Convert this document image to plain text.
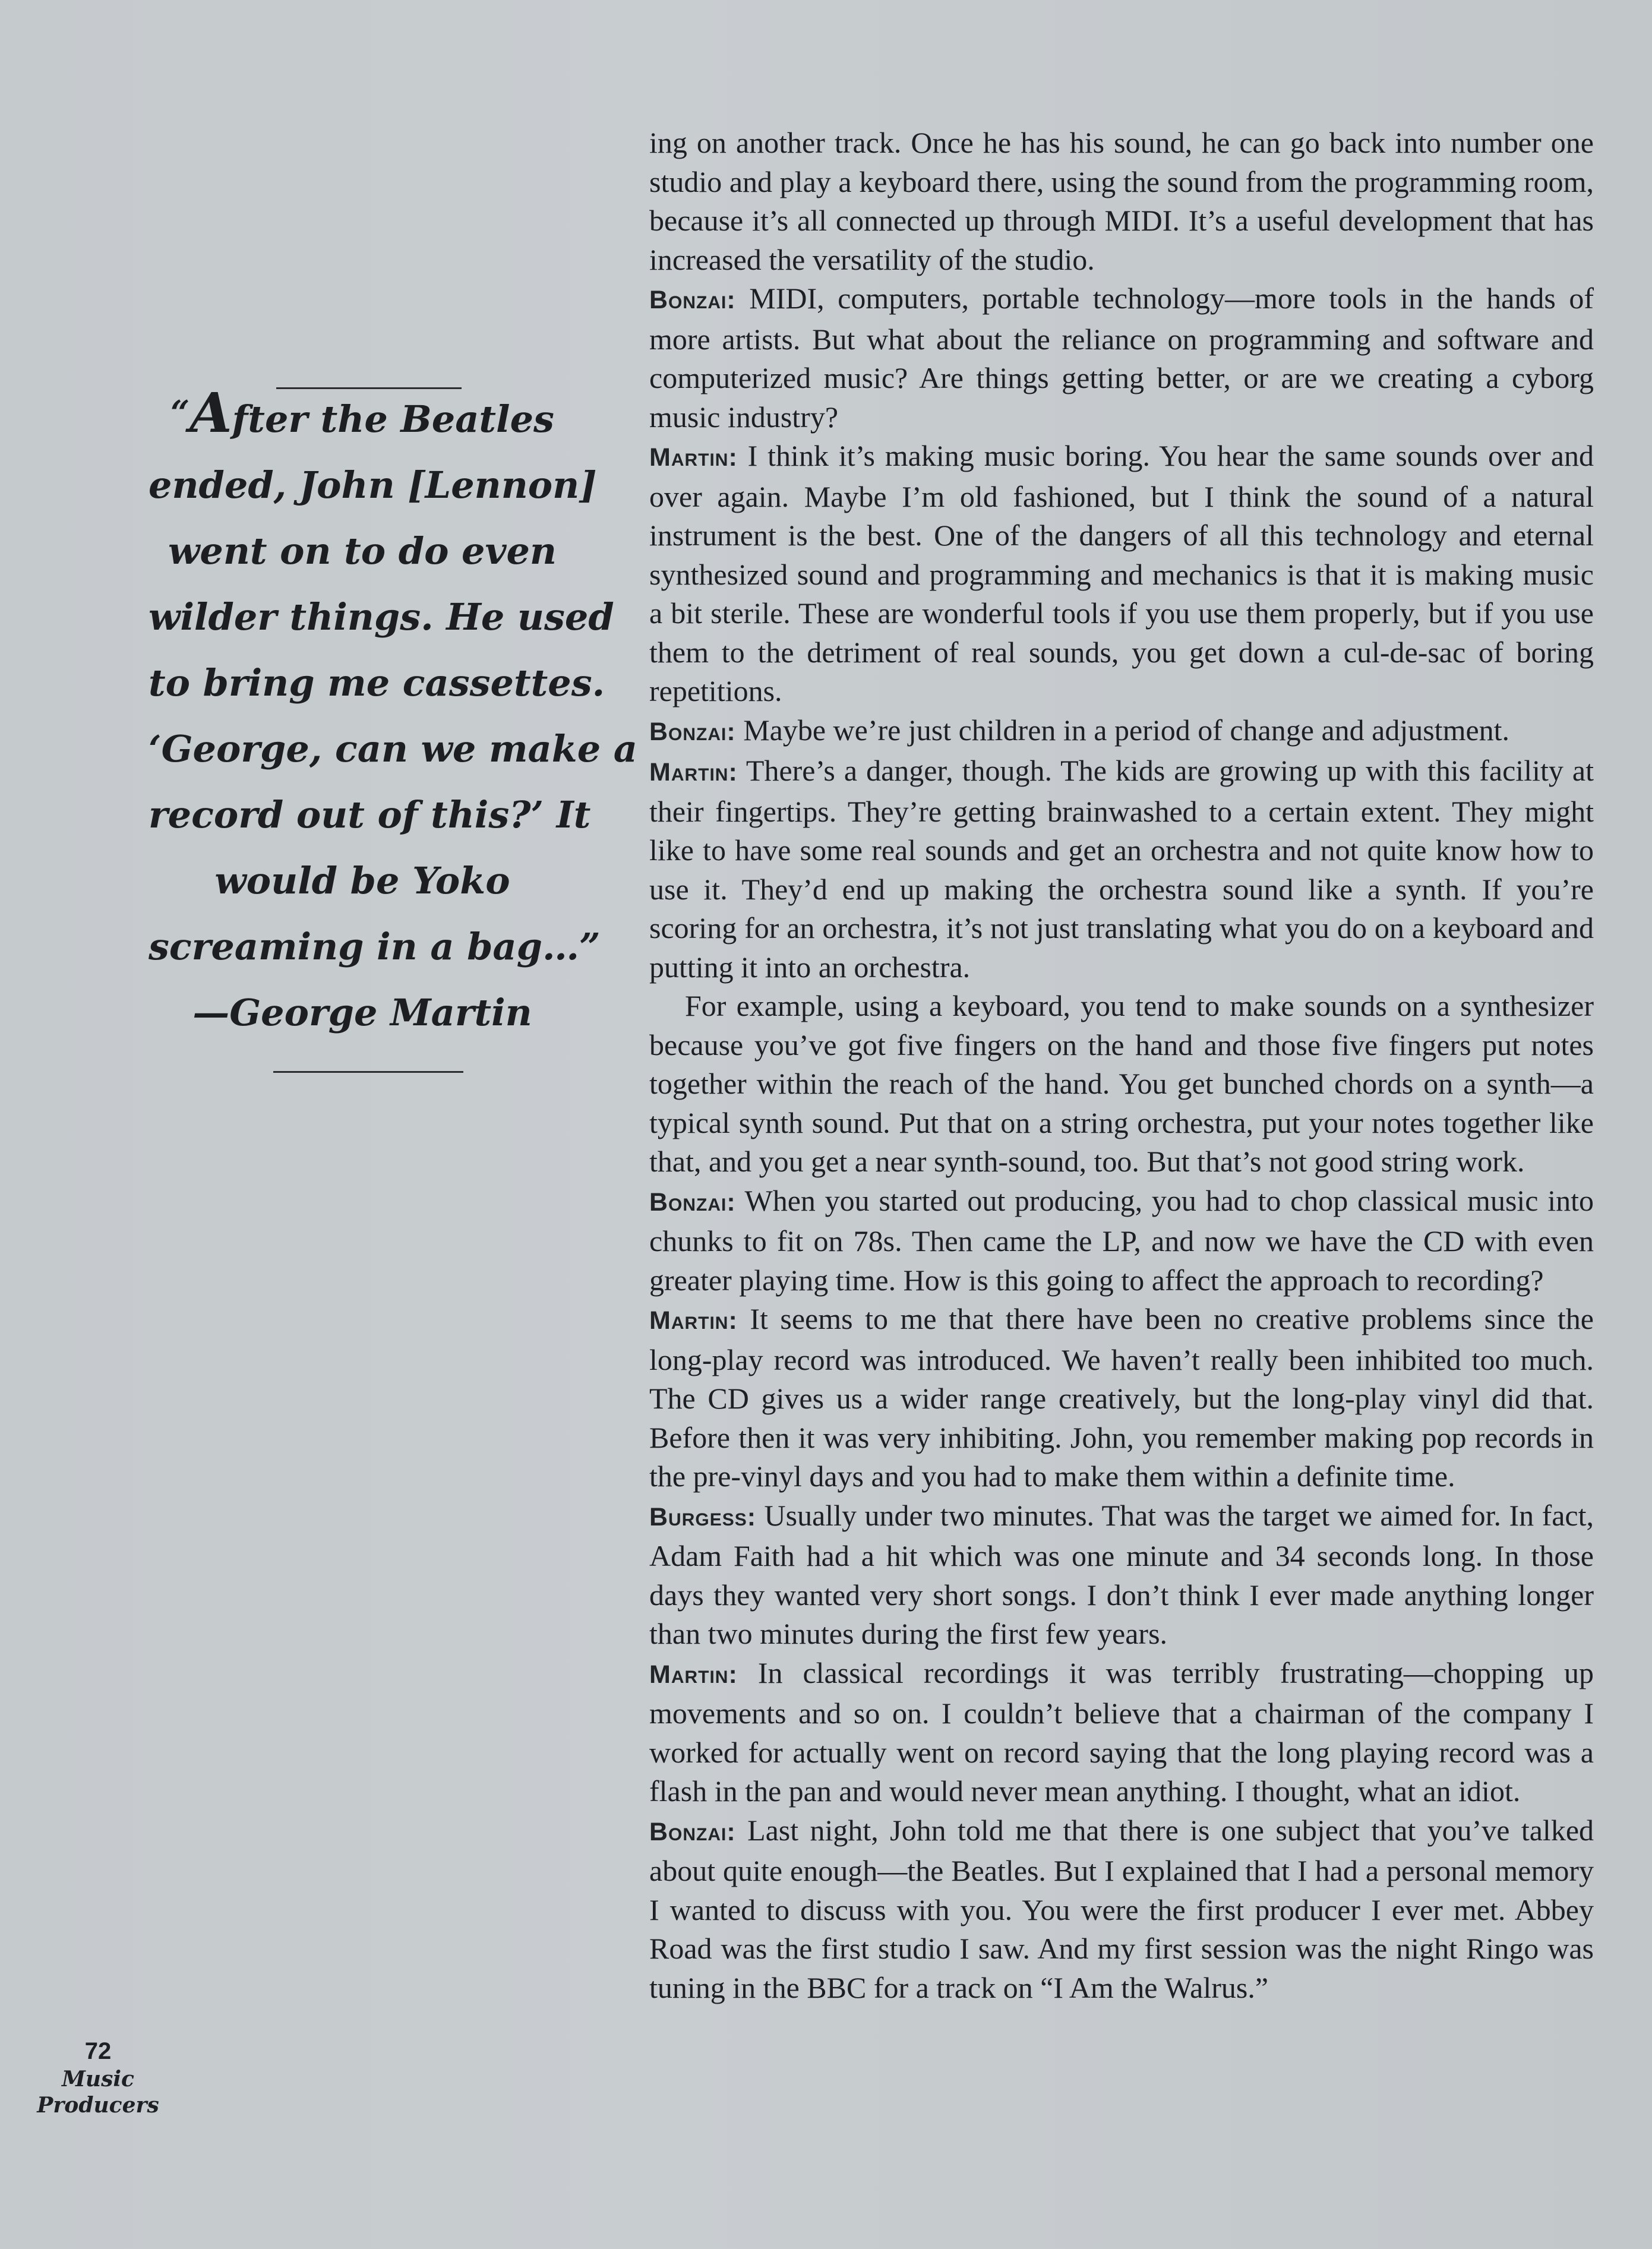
“After the Beatles
ended, John [Lennon]
went on to do even
wilder things. He used
to bring me cassettes.
‘George, can we make a
record out of this?’ It
would be Yoko
screaming in a bag…”
—George Martin

ing on another track. Once he has his sound, he can go back into number one studio and play a keyboard there, using the sound from the programming room, because it’s all connected up through MIDI. It’s a useful development that has increased the versatility of the studio.

Bonzai: MIDI, computers, portable technology—more tools in the hands of more artists. But what about the reliance on programming and software and computerized music? Are things getting better, or are we creating a cyborg music industry?

Martin: I think it’s making music boring. You hear the same sounds over and over again. Maybe I’m old fashioned, but I think the sound of a natural instrument is the best. One of the dangers of all this technology and eternal synthesized sound and programming and mechanics is that it is making music a bit sterile. These are wonderful tools if you use them properly, but if you use them to the detriment of real sounds, you get down a cul-de-sac of boring repetitions.

Bonzai: Maybe we’re just children in a period of change and adjustment.

Martin: There’s a danger, though. The kids are growing up with this facility at their fingertips. They’re getting brainwashed to a certain extent. They might like to have some real sounds and get an orchestra and not quite know how to use it. They’d end up making the orchestra sound like a synth. If you’re scoring for an orchestra, it’s not just translating what you do on a keyboard and putting it into an orchestra.

For example, using a keyboard, you tend to make sounds on a synthesizer because you’ve got five fingers on the hand and those five fingers put notes together within the reach of the hand. You get bunched chords on a synth—a typical synth sound. Put that on a string orchestra, put your notes together like that, and you get a near synth-sound, too. But that’s not good string work.

Bonzai: When you started out producing, you had to chop classical music into chunks to fit on 78s. Then came the LP, and now we have the CD with even greater playing time. How is this going to affect the approach to recording?

Martin: It seems to me that there have been no creative problems since the long-play record was introduced. We haven’t really been inhibited too much. The CD gives us a wider range creatively, but the long-play vinyl did that. Before then it was very inhibiting. John, you remember making pop records in the pre-vinyl days and you had to make them within a definite time.

Burgess: Usually under two minutes. That was the target we aimed for. In fact, Adam Faith had a hit which was one minute and 34 seconds long. In those days they wanted very short songs. I don’t think I ever made anything longer than two minutes during the first few years.

Martin: In classical recordings it was terribly frustrating—chopping up movements and so on. I couldn’t believe that a chairman of the company I worked for actually went on record saying that the long playing record was a flash in the pan and would never mean anything. I thought, what an idiot.

Bonzai: Last night, John told me that there is one subject that you’ve talked about quite enough—the Beatles. But I explained that I had a personal memory I wanted to discuss with you. You were the first producer I ever met. Abbey Road was the first studio I saw. And my first session was the night Ringo was tuning in the BBC for a track on “I Am the Walrus.”

72
Music
Producers
